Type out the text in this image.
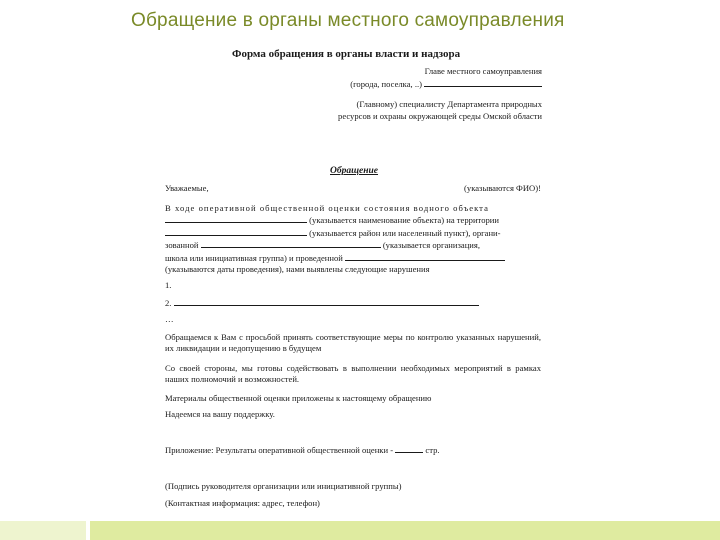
Обращение в органы местного самоуправления
Форма обращения в органы власти и надзора
Главе местного самоуправления
(города, поселка, ..)
(Главному) специалисту Департамента природных
ресурсов и охраны окружающей среды Омской области
Обращение
Уважаемые,	(указываются ФИО)!
В ходе оперативной общественной оценки состояния водного объекта
(указывается наименование объекта) на территории
(указывается район или населенный пункт), органи-
зованной	(указывается организация,
школа или инициативная группа) и проведенной
(указываются даты проведения), нами выявлены следующие нарушения
1.
2.
…
Обращаемся к Вам с просьбой принять соответствующие меры по контролю указанных нарушений, их ликвидации и недопущению в будущем
Со своей стороны, мы готовы содействовать в выполнении необходимых мероприятий в рамках наших полномочий и возможностей.
Материалы общественной оценки приложены к настоящему обращению
Надеемся на вашу поддержку.
Приложение: Результаты оперативной общественной оценки -	стр.
(Подпись руководителя организации или инициативной группы)
(Контактная информация: адрес, телефон)
